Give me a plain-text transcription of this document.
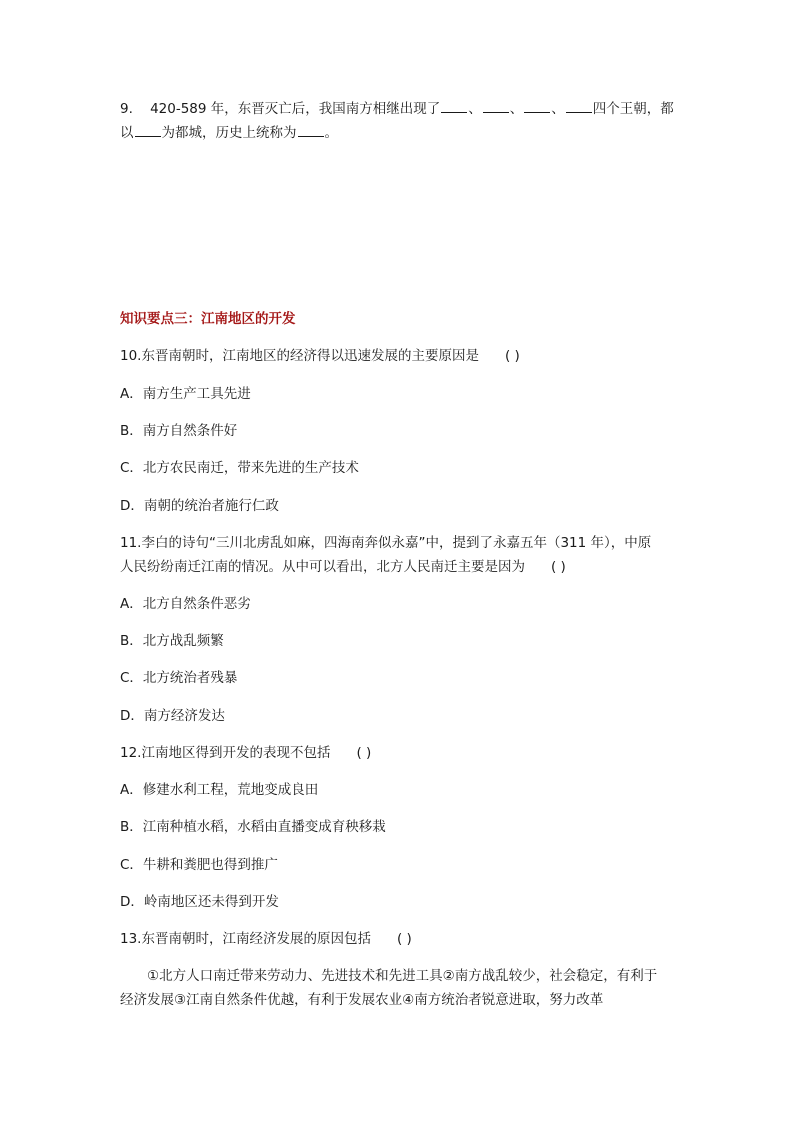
9. 420-589 年，东晋灭亡后，我国南方相继出现了 、 、 、 四个王朝，都
以 为都城，历史上统称为 。
知识要点三：江南地区的开发
10.东晋南朝时，江南地区的经济得以迅速发展的主要原因是 ( )
A．南方生产工具先进
B．南方自然条件好
C．北方农民南迁，带来先进的生产技术
D．南朝的统治者施行仁政
11.李白的诗句“三川北虏乱如麻，四海南奔似永嘉”中，提到了永嘉五年（311 年），中原
人民纷纷南迁江南的情况。从中可以看出，北方人民南迁主要是因为 ( )
A．北方自然条件恶劣
B．北方战乱频繁
C．北方统治者残暴
D．南方经济发达
12.江南地区得到开发的表现不包括 ( )
A．修建水利工程，荒地变成良田
B．江南种植水稻，水稻由直播变成育秧移栽
C．牛耕和粪肥也得到推广
D．岭南地区还未得到开发
13.东晋南朝时，江南经济发展的原因包括 ( )
①北方人口南迁带来劳动力、先进技术和先进工具②南方战乱较少，社会稳定，有利于
经济发展③江南自然条件优越，有利于发展农业④南方统治者锐意进取，努力改革
